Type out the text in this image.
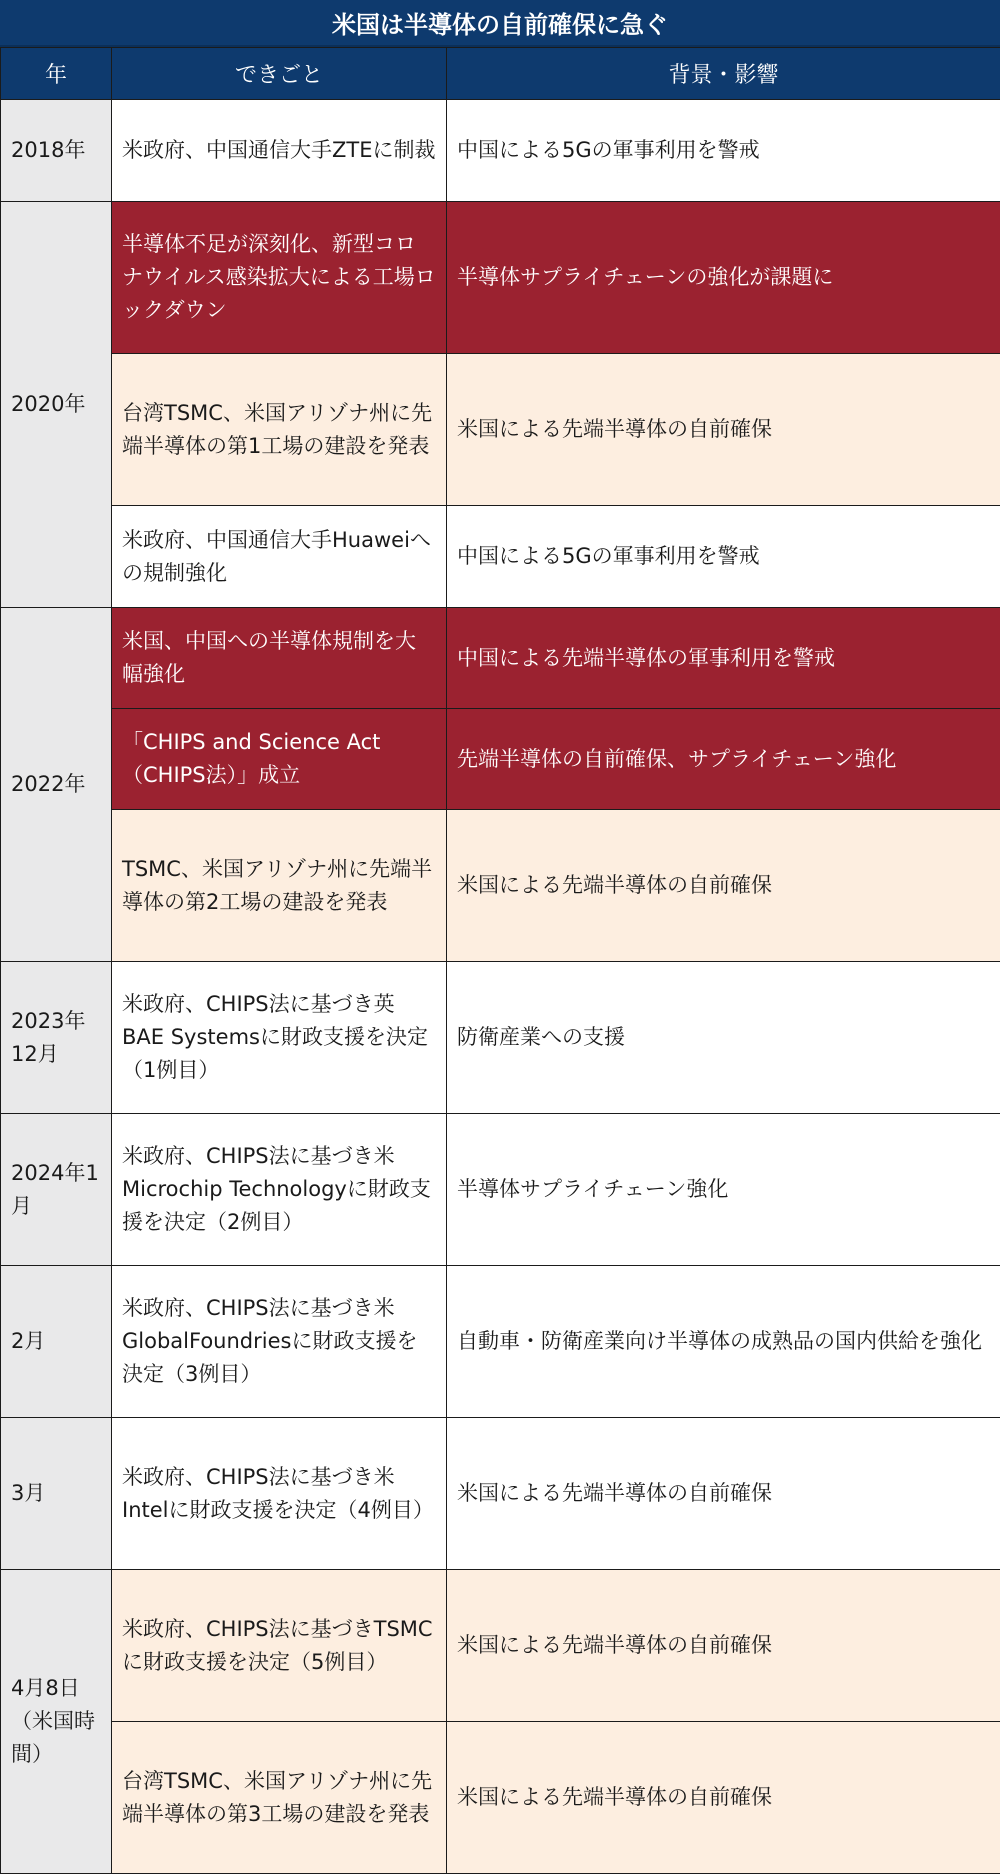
米国は半導体の自前確保に急ぐ
年	できごと	背景・影響
2018年	米政府、中国通信大手ZTEに制裁	中国による5Gの軍事利用を警戒
2020年	半導体不足が深刻化、新型コロナウイルス感染拡大による工場ロックダウン	半導体サプライチェーンの強化が課題に
	台湾TSMC、米国アリゾナ州に先端半導体の第1工場の建設を発表	米国による先端半導体の自前確保
	米政府、中国通信大手Huaweiへの規制強化	中国による5Gの軍事利用を警戒
2022年	米国、中国への半導体規制を大幅強化	中国による先端半導体の軍事利用を警戒
	「CHIPS and Science Act（CHIPS法）」成立	先端半導体の自前確保、サプライチェーン強化
	TSMC、米国アリゾナ州に先端半導体の第2工場の建設を発表	米国による先端半導体の自前確保
2023年12月	米政府、CHIPS法に基づき英BAE Systemsに財政支援を決定（1例目）	防衛産業への支援
2024年1月	米政府、CHIPS法に基づき米Microchip Technologyに財政支援を決定（2例目）	半導体サプライチェーン強化
2月	米政府、CHIPS法に基づき米GlobalFoundriesに財政支援を決定（3例目）	自動車・防衛産業向け半導体の成熟品の国内供給を強化
3月	米政府、CHIPS法に基づき米Intelに財政支援を決定（4例目）	米国による先端半導体の自前確保
4月8日（米国時間）	米政府、CHIPS法に基づきTSMCに財政支援を決定（5例目）	米国による先端半導体の自前確保
	台湾TSMC、米国アリゾナ州に先端半導体の第3工場の建設を発表	米国による先端半導体の自前確保
